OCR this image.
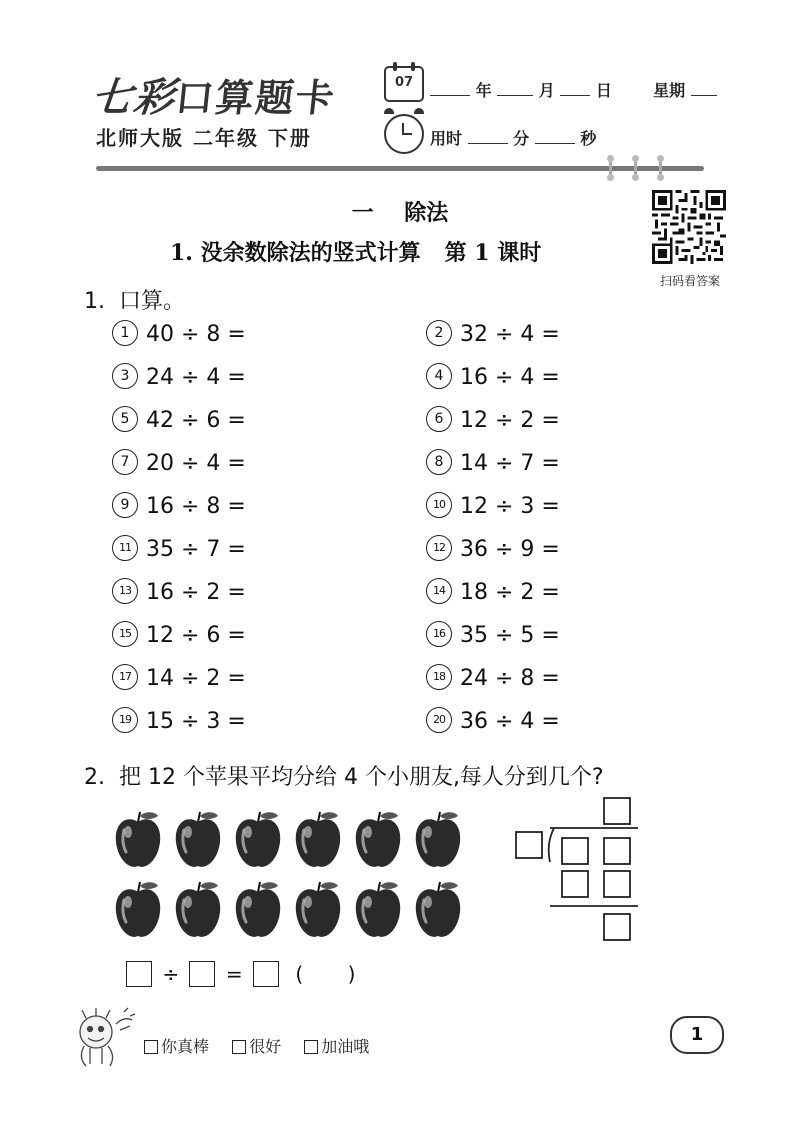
七彩口算题卡
北师大版 二年级 下册
07	年	月	日	星期
用时	分	秒
扫码看答案
一    除法
1. 没余数除法的竖式计算 第 1 课时
1.  口算。
1 40 ÷ 8 =	2 32 ÷ 4 =
3 24 ÷ 4 =	4 16 ÷ 4 =
5 42 ÷ 6 =	6 12 ÷ 2 =
7 20 ÷ 4 =	8 14 ÷ 7 =
9 16 ÷ 8 =	10 12 ÷ 3 =
11 35 ÷ 7 =	12 36 ÷ 9 =
13 16 ÷ 2 =	14 18 ÷ 2 =
15 12 ÷ 6 =	16 35 ÷ 5 =
17 14 ÷ 2 =	18 24 ÷ 8 =
19 15 ÷ 3 =	20 36 ÷ 4 =
2.  把 12 个苹果平均分给 4 个小朋友,每人分到几个?
÷ =	(       )
你真棒	很好	加油哦
1
